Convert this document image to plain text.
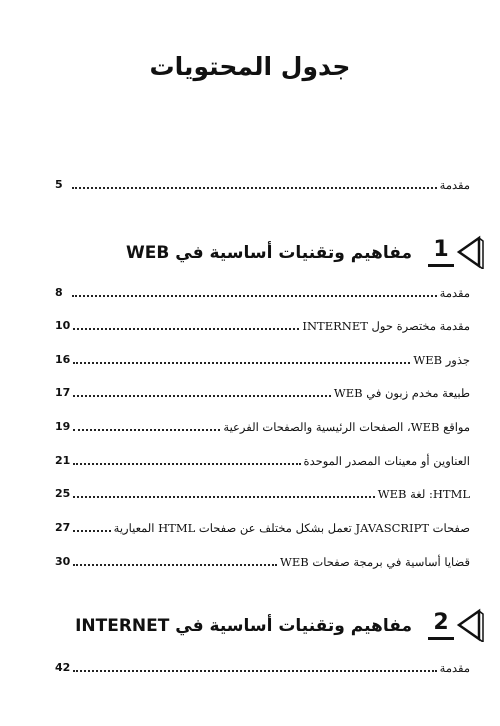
جدول المحتويات
مقدمة
5
1
مفاهيم وتقنيات أساسية في WEB
مقدمة
8
مقدمة مختصرة حول INTERNET
10
جذور WEB
16
طبيعة مخدم زبون في WEB
17
مواقع WEB، الصفحات الرئيسية والصفحات الفرعية
19
العناوين أو معينات المصدر الموحدة
21
HTML: لغة WEB
25
صفحات JAVASCRIPT تعمل بشكل مختلف عن صفحات HTML المعيارية
27
قضايا أساسية في برمجة صفحات WEB
30
2
مفاهيم وتقنيات أساسية في INTERNET
مقدمة
42
